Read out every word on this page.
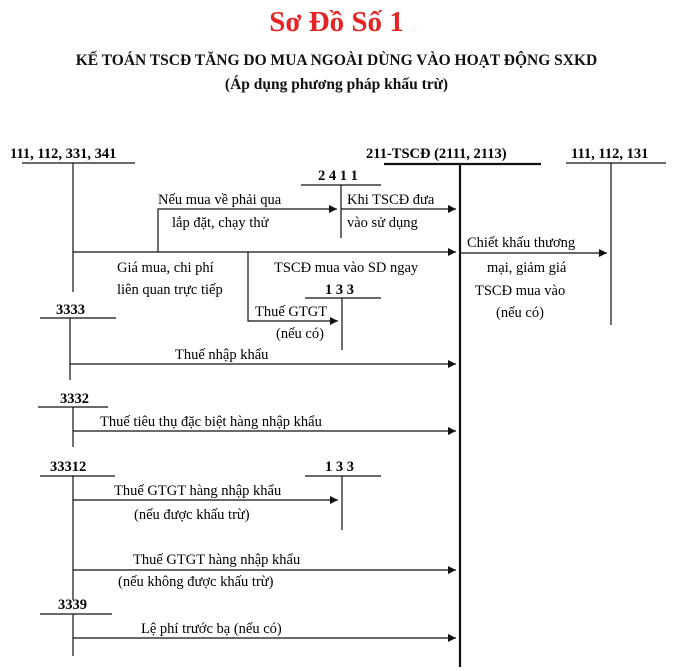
Sơ Đồ Số 1
KẾ TOÁN TSCĐ TĂNG DO MUA NGOÀI DÙNG VÀO HOẠT ĐỘNG SXKD
(Áp dụng phương pháp khấu trừ)
111, 112, 331, 341	211-TSCĐ (2111, 2113)	111, 112, 131
2 4 1 1
1 3 3
3333
3332
33312	1 3 3
3339
Nếu mua về phải qua
lắp đặt, chạy thử
Khi TSCĐ đưa
vào sử dụng
Chiết khấu thương
mại, giảm giá
TSCĐ mua vào
(nếu có)
Giá mua, chi phí
liên quan trực tiếp
TSCĐ mua vào SD ngay
Thuế GTGT
(nếu có)
Thuế nhập khẩu
Thuế tiêu thụ đặc biệt hàng nhập khẩu
Thuế GTGT hàng nhập khẩu
(nếu được khấu trừ)
Thuế GTGT hàng nhập khẩu
(nếu không được khấu trừ)
Lệ phí trước bạ (nếu có)
